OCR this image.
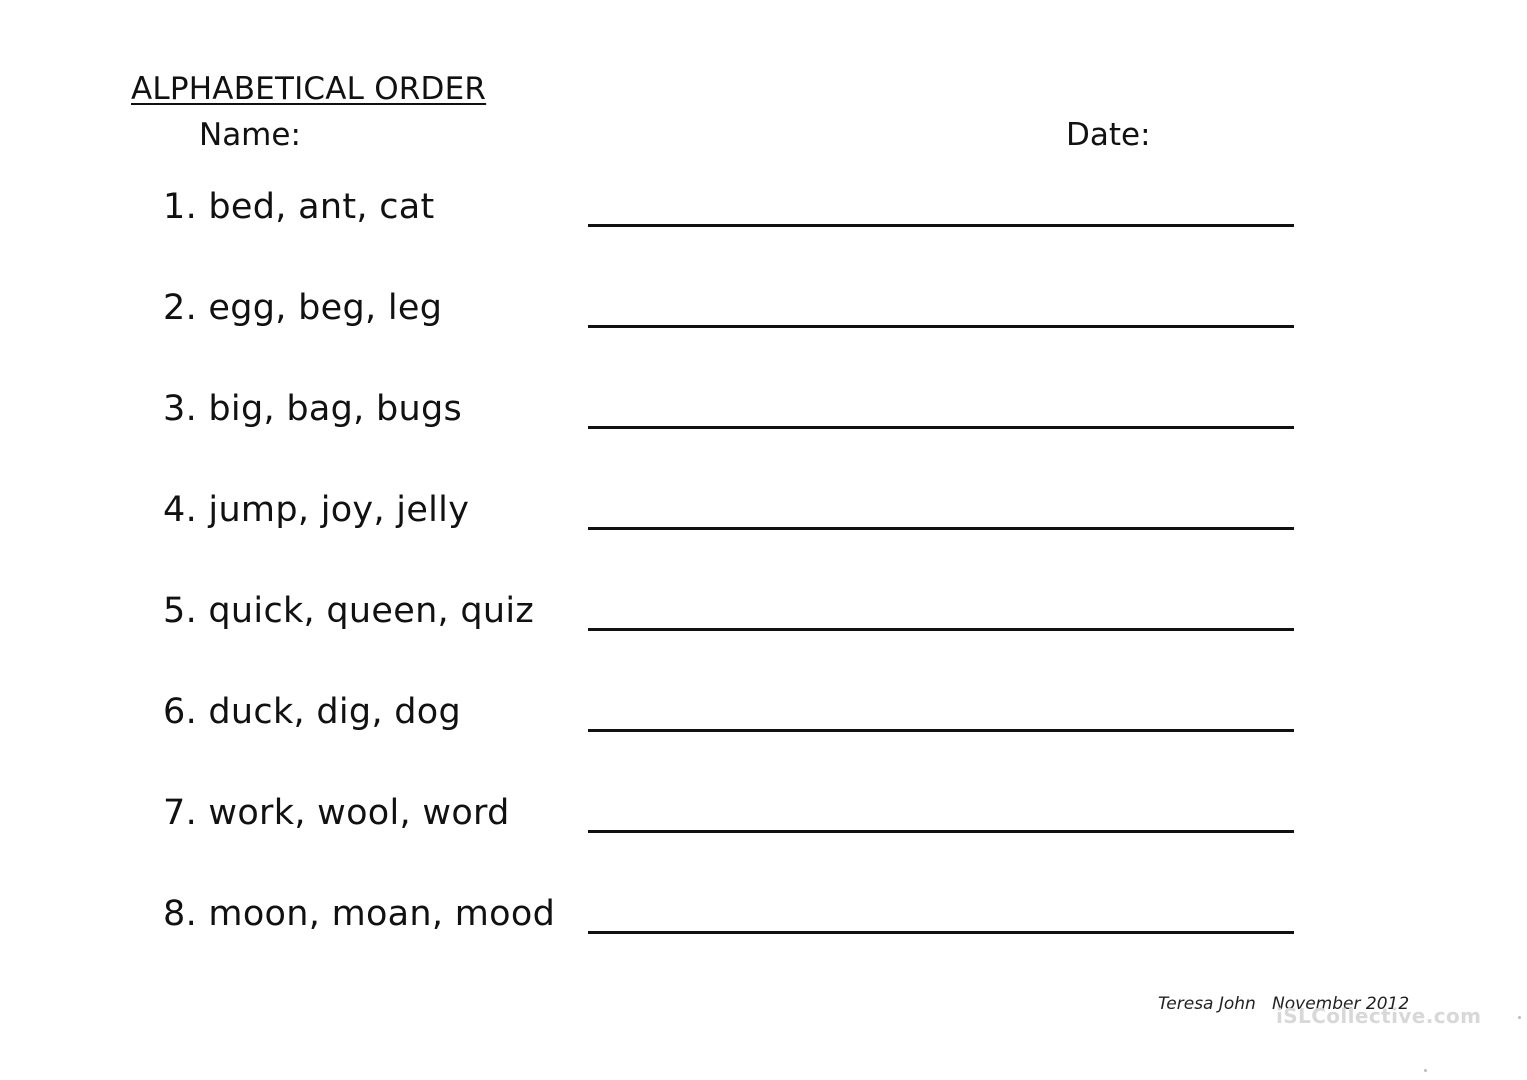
ALPHABETICAL ORDER
Name:	Date:
1. bed, ant, cat
2. egg, beg, leg
3. big, bag, bugs
4. jump, joy, jelly
5. quick, queen, quiz
6. duck, dig, dog
7. work, wool, word
8. moon, moan, mood
Teresa John   November 2012
iSLCollective.com
